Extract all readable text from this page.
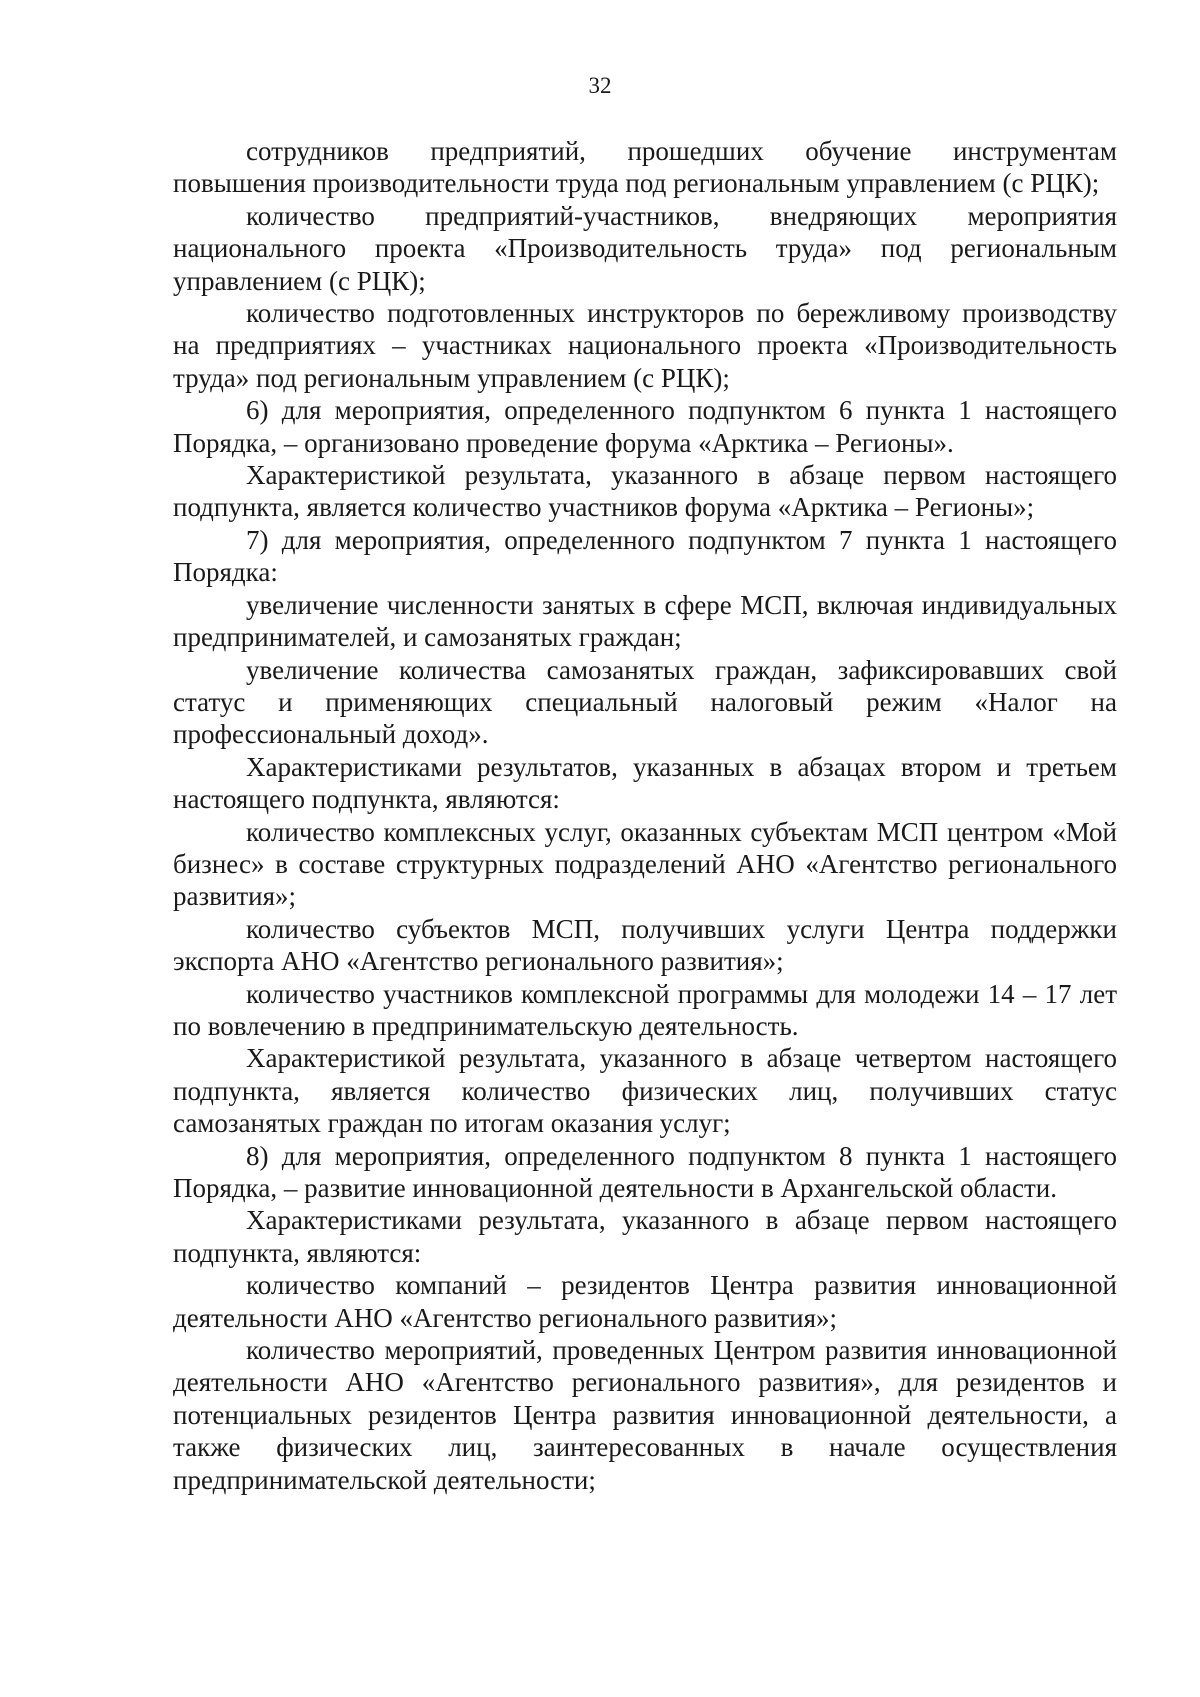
32

сотрудников предприятий, прошедших обучение инструментам повышения производительности труда под региональным управлением (с РЦК);

количество предприятий-участников, внедряющих мероприятия национального проекта «Производительность труда» под региональным управлением (с РЦК);

количество подготовленных инструкторов по бережливому производству на предприятиях – участниках национального проекта «Производительность труда» под региональным управлением (с РЦК);

6) для мероприятия, определенного подпунктом 6 пункта 1 настоящего Порядка, – организовано проведение форума «Арктика – Регионы».

Характеристикой результата, указанного в абзаце первом настоящего подпункта, является количество участников форума «Арктика – Регионы»;

7) для мероприятия, определенного подпунктом 7 пункта 1 настоящего Порядка:

увеличение численности занятых в сфере МСП, включая индивидуальных предпринимателей, и самозанятых граждан;

увеличение количества самозанятых граждан, зафиксировавших свой статус и применяющих специальный налоговый режим «Налог на профессиональный доход».

Характеристиками результатов, указанных в абзацах втором и третьем настоящего подпункта, являются:

количество комплексных услуг, оказанных субъектам МСП центром «Мой бизнес» в составе структурных подразделений АНО «Агентство регионального развития»;

количество субъектов МСП, получивших услуги Центра поддержки экспорта АНО «Агентство регионального развития»;

количество участников комплексной программы для молодежи 14 – 17 лет по вовлечению в предпринимательскую деятельность.

Характеристикой результата, указанного в абзаце четвертом настоящего подпункта, является количество физических лиц, получивших статус самозанятых граждан по итогам оказания услуг;

8) для мероприятия, определенного подпунктом 8 пункта 1 настоящего Порядка, – развитие инновационной деятельности в Архангельской области.

Характеристиками результата, указанного в абзаце первом настоящего подпункта, являются:

количество компаний – резидентов Центра развития инновационной деятельности АНО «Агентство регионального развития»;

количество мероприятий, проведенных Центром развития инновационной деятельности АНО «Агентство регионального развития», для резидентов и потенциальных резидентов Центра развития инновационной деятельности, а также физических лиц, заинтересованных в начале осуществления предпринимательской деятельности;
